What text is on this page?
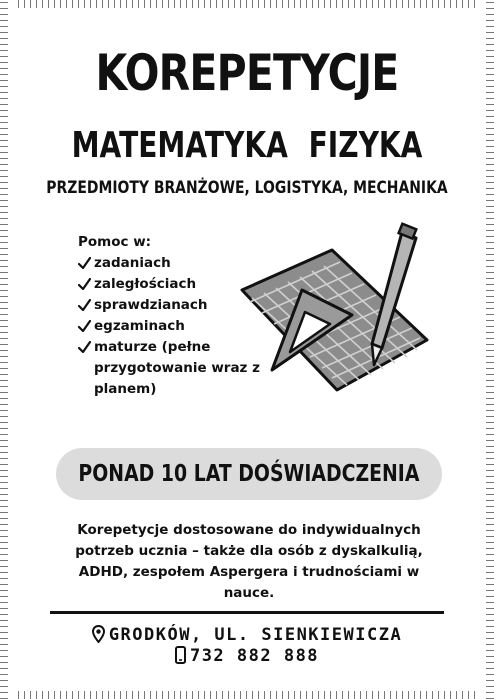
KOREPETYCJE
MATEMATYKA FIZYKA
PRZEDMIOTY BRANŻOWE, LOGISTYKA, MECHANIKA
Pomoc w:
zadaniach
zaległościach
sprawdzianach
egzaminach
maturze (pełne przygotowanie wraz z planem)
PONAD 10 LAT DOŚWIADCZENIA

Korepetycje dostosowane do indywidualnych potrzeb ucznia – także dla osób z dyskalkulią, ADHD, zespołem Aspergera i trudnościami w nauce.

GRODKÓW, UL. SIENKIEWICZA
732 882 888
